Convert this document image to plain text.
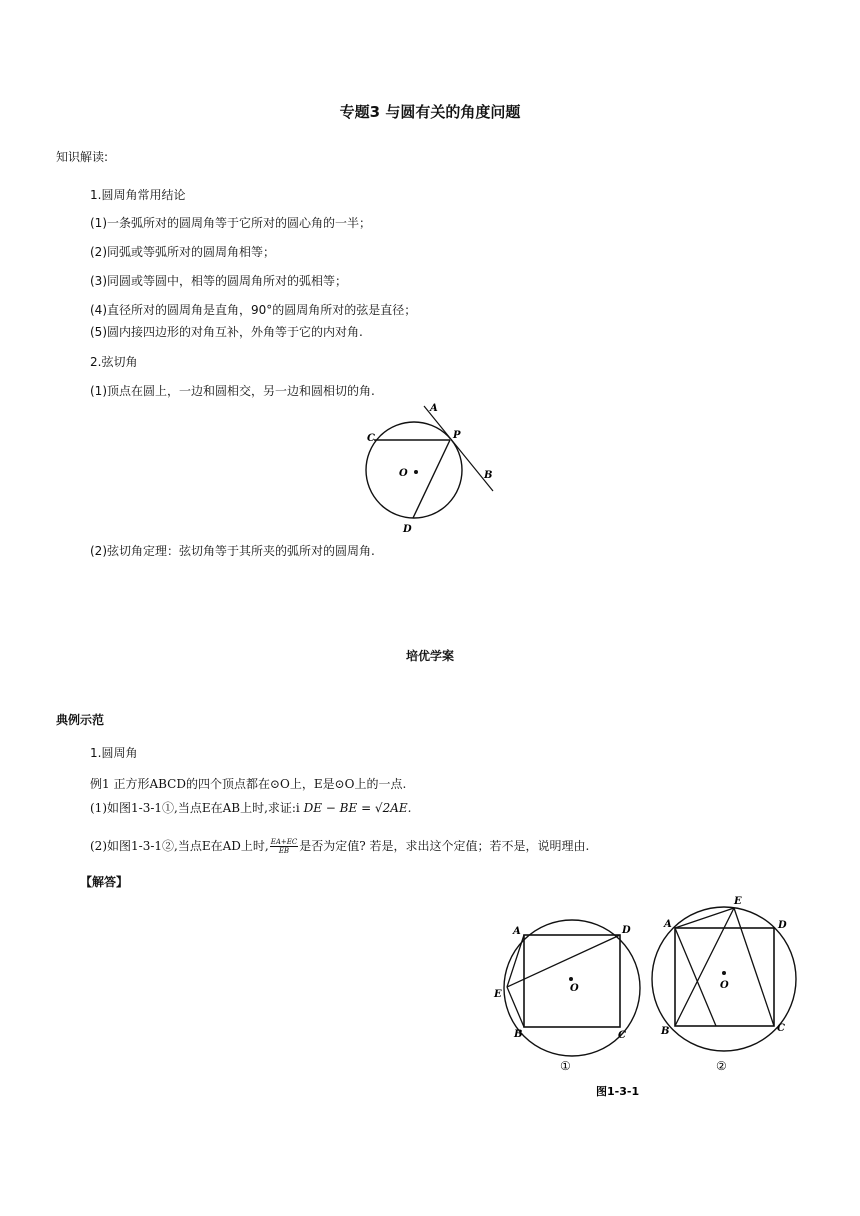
专题3 与圆有关的角度问题
知识解读:
1.圆周角常用结论
(1)一条弧所对的圆周角等于它所对的圆心角的一半；
(2)同弧或等弧所对的圆周角相等；
(3)同圆或等圆中，相等的圆周角所对的弧相等；
(4)直径所对的圆周角是直角，90°的圆周角所对的弦是直径；
(5)圆内接四边形的对角互补，外角等于它的内对角.
2.弦切角
(1)顶点在圆上，一边和圆相交，另一边和圆相切的角.
A
P
C
B
O
D
(2)弦切角定理：弦切角等于其所夹的弧所对的圆周角.
培优学案
典例示范
1.圆周角
例1 正方形ABCD的四个顶点都在⊙O上，E是⊙O上的一点.
(1)如图1-3-1①,当点E在AB上时,求证:i DE − BE = √2AE.
(2)如图1-3-1②,当点E在AD上时, $\frac{EA+EC}{EB}$ 是否为定值? 若是，求出这个定值；若不是，说明理由.
【解答】
A	D
E
O
B	C
①
A
E
D
O
B	C
②
图1-3-1
